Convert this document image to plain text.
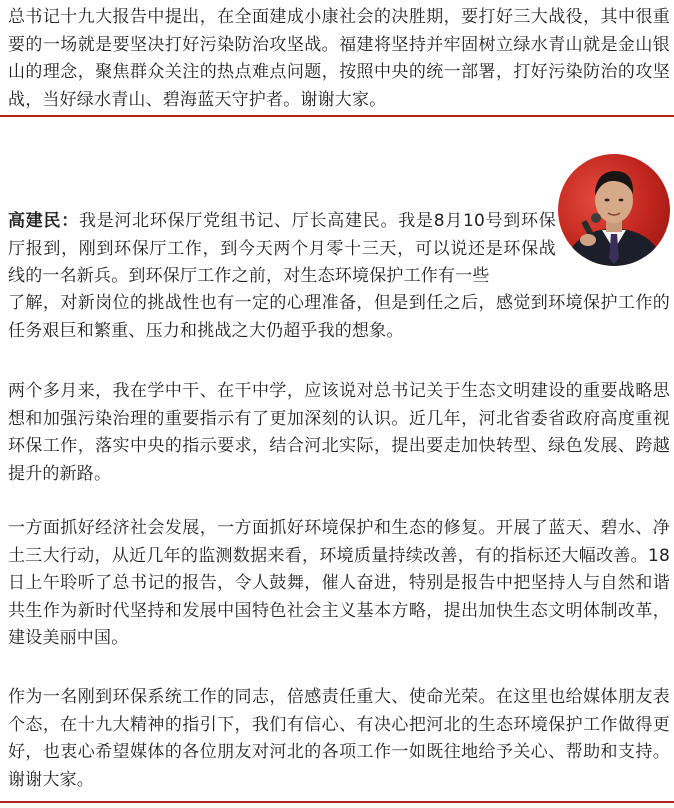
总书记十九大报告中提出，在全面建成小康社会的决胜期，要打好三大战役，其中很重要的一场就是要坚决打好污染防治攻坚战。福建将坚持并牢固树立绿水青山就是金山银山的理念，聚焦群众关注的热点难点问题，按照中央的统一部署，打好污染防治的攻坚战，当好绿水青山、碧海蓝天守护者。谢谢大家。

高建民：我是河北环保厅党组书记、厅长高建民。我是8月10号到环保厅报到，刚到环保厅工作，到今天两个月零十三天，可以说还是环保战线的一名新兵。到环保厅工作之前，对生态环境保护工作有一些

了解，对新岗位的挑战性也有一定的心理准备，但是到任之后，感觉到环境保护工作的任务艰巨和繁重、压力和挑战之大仍超乎我的想象。

两个多月来，我在学中干、在干中学，应该说对总书记关于生态文明建设的重要战略思想和加强污染治理的重要指示有了更加深刻的认识。近几年，河北省委省政府高度重视环保工作，落实中央的指示要求，结合河北实际，提出要走加快转型、绿色发展、跨越提升的新路。

一方面抓好经济社会发展，一方面抓好环境保护和生态的修复。开展了蓝天、碧水、净土三大行动，从近几年的监测数据来看，环境质量持续改善，有的指标还大幅改善。18日上午聆听了总书记的报告，令人鼓舞，催人奋进，特别是报告中把坚持人与自然和谐共生作为新时代坚持和发展中国特色社会主义基本方略，提出加快生态文明体制改革，建设美丽中国。

作为一名刚到环保系统工作的同志，倍感责任重大、使命光荣。在这里也给媒体朋友表个态，在十九大精神的指引下，我们有信心、有决心把河北的生态环境保护工作做得更好，也衷心希望媒体的各位朋友对河北的各项工作一如既往地给予关心、帮助和支持。谢谢大家。
